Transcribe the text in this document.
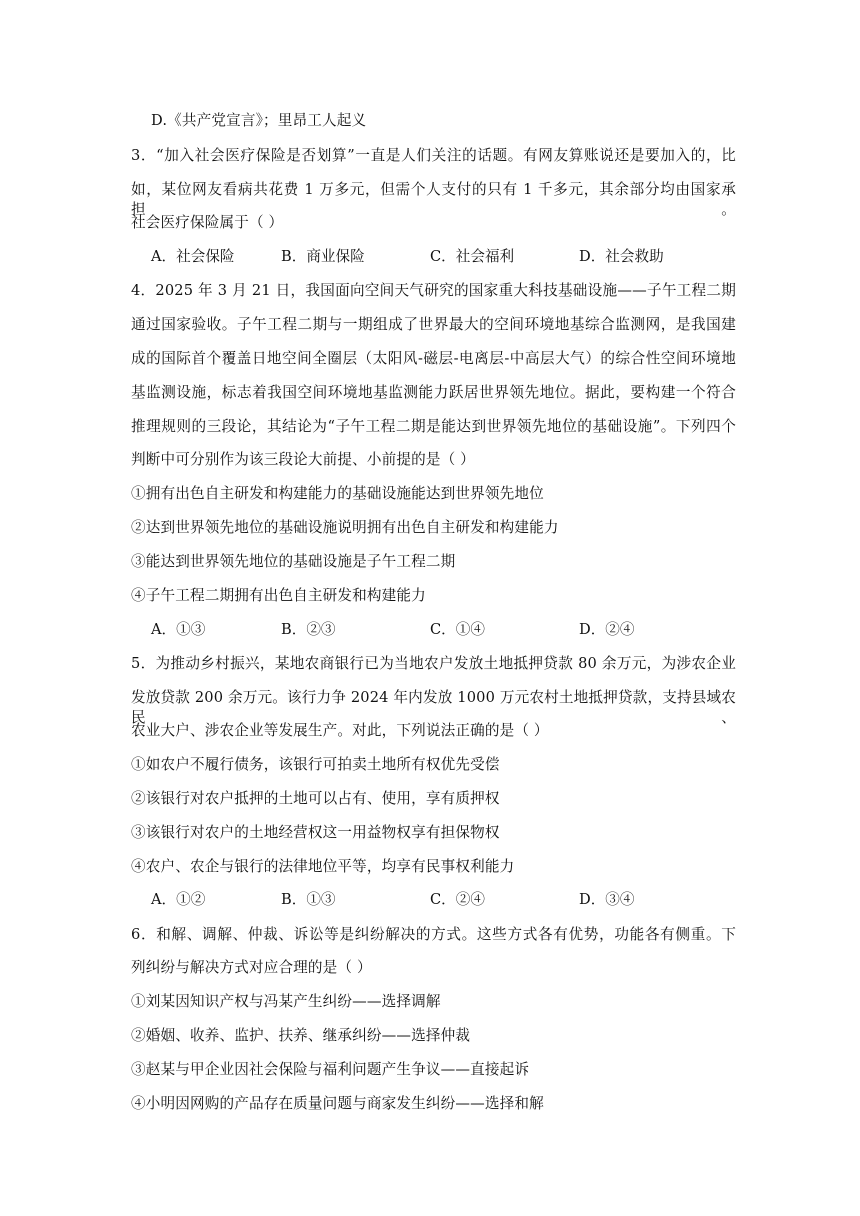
D.《共产党宣言》；里昂工人起义
3．“加入社会医疗保险是否划算”一直是人们关注的话题。有网友算账说还是要加入的，比
如，某位网友看病共花费 1 万多元，但需个人支付的只有 1 千多元，其余部分均由国家承担。
社会医疗保险属于（ ）
A．社会保险	B．商业保险	C．社会福利	D．社会救助
4．2025 年 3 月 21 日，我国面向空间天气研究的国家重大科技基础设施——子午工程二期
通过国家验收。子午工程二期与一期组成了世界最大的空间环境地基综合监测网，是我国建
成的国际首个覆盖日地空间全圈层（太阳风-磁层-电离层-中高层大气）的综合性空间环境地
基监测设施，标志着我国空间环境地基监测能力跃居世界领先地位。据此，要构建一个符合
推理规则的三段论，其结论为“子午工程二期是能达到世界领先地位的基础设施”。下列四个
判断中可分别作为该三段论大前提、小前提的是（ ）
①拥有出色自主研发和构建能力的基础设施能达到世界领先地位
②达到世界领先地位的基础设施说明拥有出色自主研发和构建能力
③能达到世界领先地位的基础设施是子午工程二期
④子午工程二期拥有出色自主研发和构建能力
A．①③	B．②③	C．①④	D．②④
5．为推动乡村振兴，某地农商银行已为当地农户发放土地抵押贷款 80 余万元，为涉农企业
发放贷款 200 余万元。该行力争 2024 年内发放 1000 万元农村土地抵押贷款，支持县域农民、
农业大户、涉农企业等发展生产。对此，下列说法正确的是（ ）
①如农户不履行债务，该银行可拍卖土地所有权优先受偿
②该银行对农户抵押的土地可以占有、使用，享有质押权
③该银行对农户的土地经营权这一用益物权享有担保物权
④农户、农企与银行的法律地位平等，均享有民事权利能力
A．①②	B．①③	C．②④	D．③④
6．和解、调解、仲裁、诉讼等是纠纷解决的方式。这些方式各有优势，功能各有侧重。下
列纠纷与解决方式对应合理的是（ ）
①刘某因知识产权与冯某产生纠纷——选择调解
②婚姻、收养、监护、扶养、继承纠纷——选择仲裁
③赵某与甲企业因社会保险与福利问题产生争议——直接起诉
④小明因网购的产品存在质量问题与商家发生纠纷——选择和解
